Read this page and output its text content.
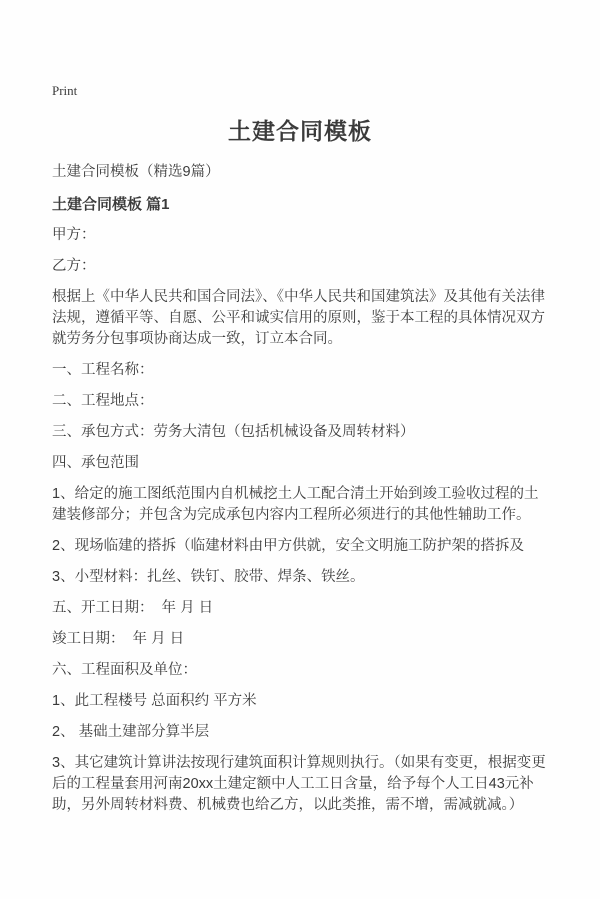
Print
土建合同模板

土建合同模板（精选9篇）

土建合同模板 篇1

甲方：

乙方：

根据上《中华人民共和国合同法》、《中华人民共和国建筑法》及其他有关法律法规，遵循平等、自愿、公平和诚实信用的原则，鉴于本工程的具体情况双方就劳务分包事项协商达成一致，订立本合同。

一、工程名称：

二、工程地点：

三、承包方式：劳务大清包（包括机械设备及周转材料）

四、承包范围

1、给定的施工图纸范围内自机械挖土人工配合清土开始到竣工验收过程的土建装修部分；并包含为完成承包内容内工程所必须进行的其他性辅助工作。

2、现场临建的搭拆（临建材料由甲方供就，安全文明施工防护架的搭拆及

3、小型材料：扎丝、铁钉、胶带、焊条、铁丝。

五、开工日期：  年 月 日

竣工日期：  年 月 日

六、工程面积及单位：

1、此工程楼号 总面积约 平方米

2、 基础土建部分算半层

3、其它建筑计算讲法按现行建筑面积计算规则执行。（如果有变更，根据变更后的工程量套用河南20xx土建定额中人工工日含量，给予每个人工日43元补助，另外周转材料费、机械费也给乙方，以此类推，需不增，需减就减。）
